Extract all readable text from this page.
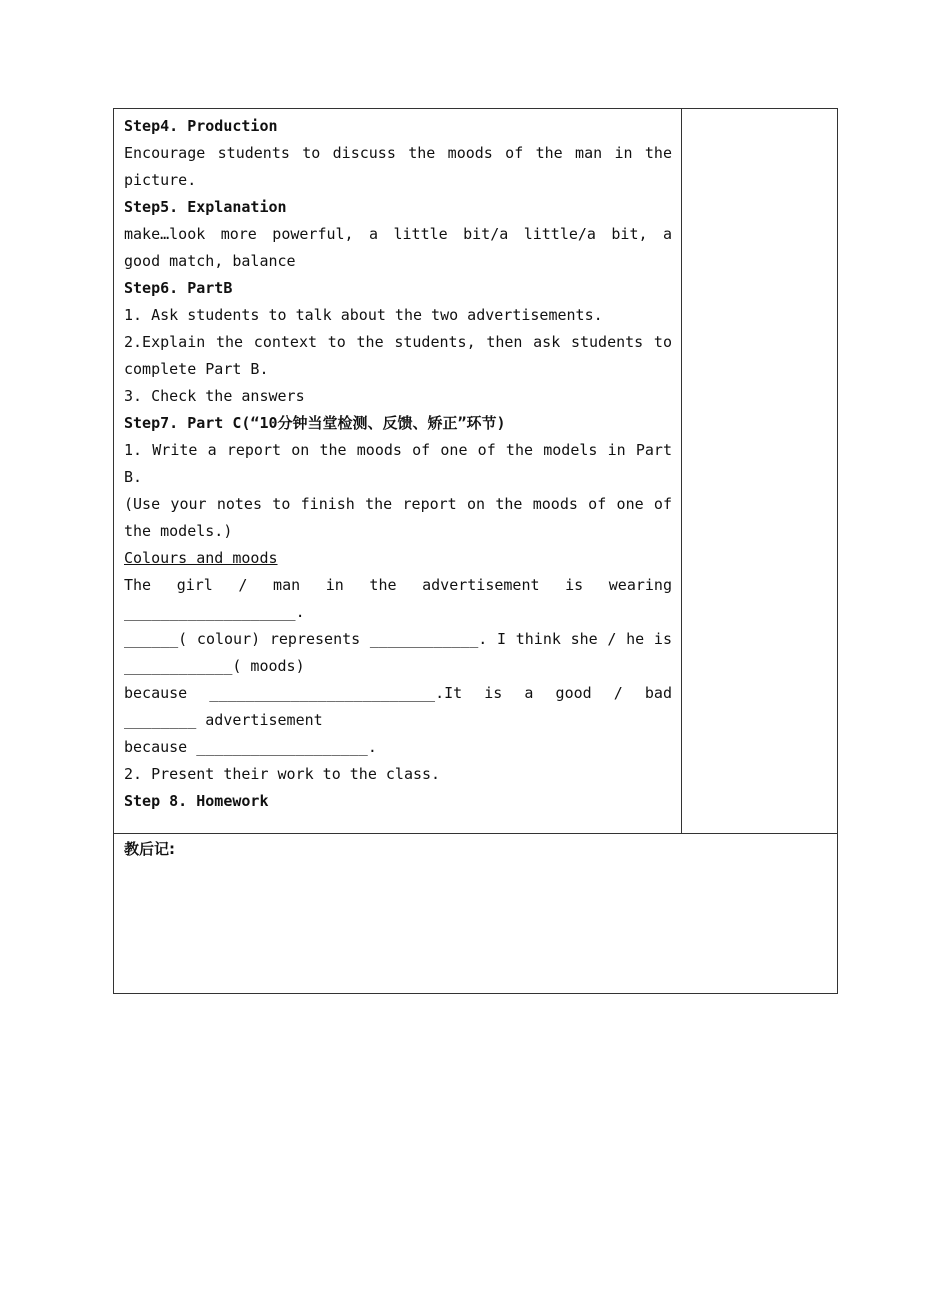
Step4. Production
Encourage students to discuss the moods of the man in the
picture.
Step5. Explanation
make…look more powerful, a little bit/a little/a bit, a
good match, balance
Step6. PartB
1. Ask students to talk about the two advertisements.
2.Explain the context to the students, then ask students to
complete Part B.
3. Check the answers
Step7. Part C(“10分钟当堂检测、反馈、矫正”环节)
1. Write a report on the moods of one of the models in Part
B.
(Use your notes to finish the report on the moods of one of
the models.)
Colours and moods
The girl / man in the advertisement is wearing
___________________.
______( colour) represents ____________. I think she / he is
____________( moods)
because _________________________.It is a good / bad
________ advertisement
because ___________________.
2. Present their work to the class.
Step 8. Homework

教后记:
